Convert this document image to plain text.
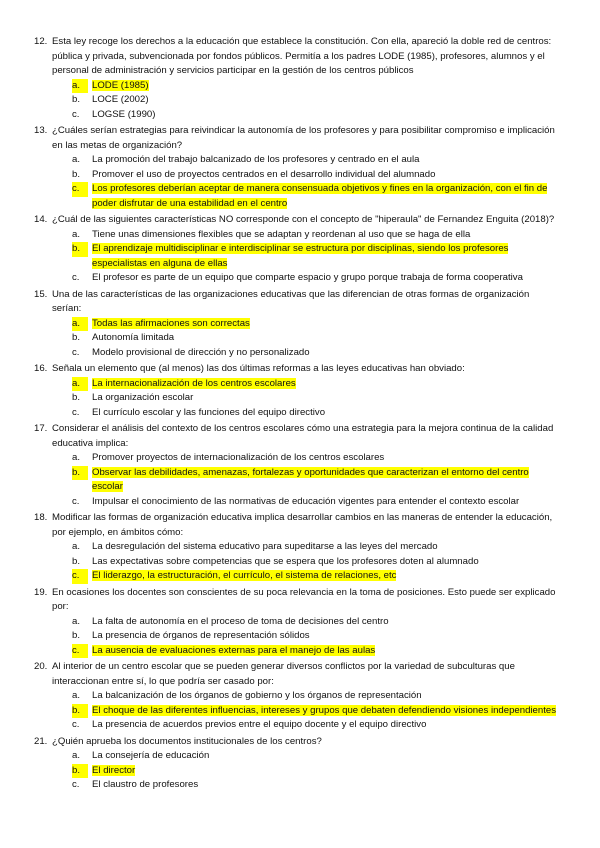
12. Esta ley recoge los derechos a la educación que establece la constitución. Con ella, apareció la doble red de centros: pública y privada, subvencionada por fondos públicos. Permitía a los padres LODE (1985), profesores, alumnos y el personal de administración y servicios participar en la gestión de los centros públicos
a.	LODE (1985)
b.	LOCE (2002)
c.	LOGSE (1990)
13. ¿Cuáles serían estrategias para reivindicar la autonomía de los profesores y para posibilitar compromiso e implicación en las metas de organización?
a.	La promoción del trabajo balcanizado de los profesores y centrado en el aula
b.	Promover el uso de proyectos centrados en el desarrollo individual del alumnado
c.	Los profesores deberían aceptar de manera consensuada objetivos y fines en la organización, con el fin de poder disfrutar de una estabilidad en el centro
14. ¿Cuál de las siguientes características NO corresponde con el concepto de "hiperaula" de Fernandez Enguita (2018)?
a.	Tiene unas dimensiones flexibles que se adaptan y reordenan al uso que se haga de ella
b.	El aprendizaje multidisciplinar e interdisciplinar se estructura por disciplinas, siendo los profesores especialistas en alguna de ellas
c.	El profesor es parte de un equipo que comparte espacio y grupo porque trabaja de forma cooperativa
15. Una de las características de las organizaciones educativas que las diferencian de otras formas de organización serían:
a.	Todas las afirmaciones son correctas
b.	Autonomía limitada
c.	Modelo provisional de dirección y no personalizado
16. Señala un elemento que (al menos) las dos últimas reformas a las leyes educativas han obviado:
a.	La internacionalización de los centros escolares
b.	La organización escolar
c.	El currículo escolar y las funciones del equipo directivo
17. Considerar el análisis del contexto de los centros escolares cómo una estrategia para la mejora continua de la calidad educativa implica:
a.	Promover proyectos de internacionalización de los centros escolares
b.	Observar las debilidades, amenazas, fortalezas y oportunidades que caracterizan el entorno del centro escolar
c.	Impulsar el conocimiento de las normativas de educación vigentes para entender el contexto escolar
18. Modificar las formas de organización educativa implica desarrollar cambios en las maneras de entender la educación, por ejemplo, en ámbitos cómo:
a.	La desregulación del sistema educativo para supeditarse a las leyes del mercado
b.	Las expectativas sobre competencias que se espera que los profesores doten al alumnado
c.	El liderazgo, la estructuración, el currículo, el sistema de relaciones, etc
19. En ocasiones los docentes son conscientes de su poca relevancia en la toma de posiciones. Esto puede ser explicado por:
a.	La falta de autonomía en el proceso de toma de decisiones del centro
b.	La presencia de órganos de representación sólidos
c.	La ausencia de evaluaciones externas para el manejo de las aulas
20. Al interior de un centro escolar que se pueden generar diversos conflictos por la variedad de subculturas que interaccionan entre sí, lo que podría ser casado por:
a.	La balcanización de los órganos de gobierno y los órganos de representación
b.	El choque de las diferentes influencias, intereses y grupos que debaten defendiendo visiones independientes
c.	La presencia de acuerdos previos entre el equipo docente y el equipo directivo
21. ¿Quién aprueba los documentos institucionales de los centros?
a.	La consejería de educación
b.	El director
c.	El claustro de profesores
